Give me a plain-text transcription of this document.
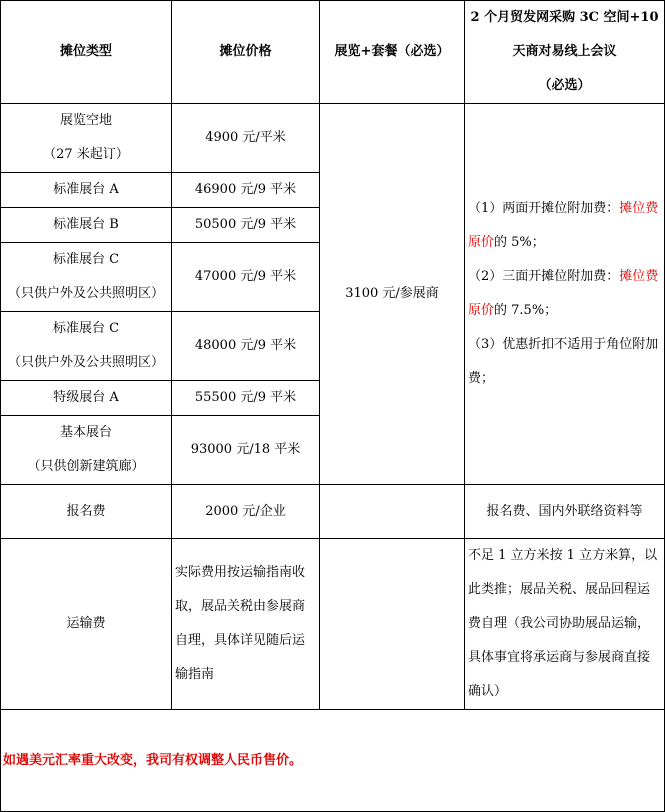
摊位类型	摊位价格	展览+套餐（必选）	2 个月贸发网采购 3C 空间+10
天商对易线上会议
（必选）

展览空地
（27 米起订）	4900 元/平米	3100 元/参展商	（1）两面开摊位附加费：摊位费原价的 5%；
（2）三面开摊位附加费：摊位费原价的 7.5%；
（3）优惠折扣不适用于角位附加费；
标准展台 A	46900 元/9 平米		
标准展台 B	50500 元/9 平米		

标准展台 C
（只供户外及公共照明区）	47000 元/9 平米		

标准展台 C
（只供户外及公共照明区）	48000 元/9 平米		
特级展台 A	55500 元/9 平米		

基本展台
（只供创新建筑廊）	93000 元/18 平米		
报名费	2000 元/企业		报名费、国内外联络资料等
运输费	实际费用按运输指南收取，展品关税由参展商自理，具体详见随后运输指南		不足 1 立方米按 1 立方米算，以此类推；展品关税、展品回程运费自理（我公司协助展品运输，具体事宜将承运商与参展商直接确认）
如遇美元汇率重大改变，我司有权调整人民币售价。			
